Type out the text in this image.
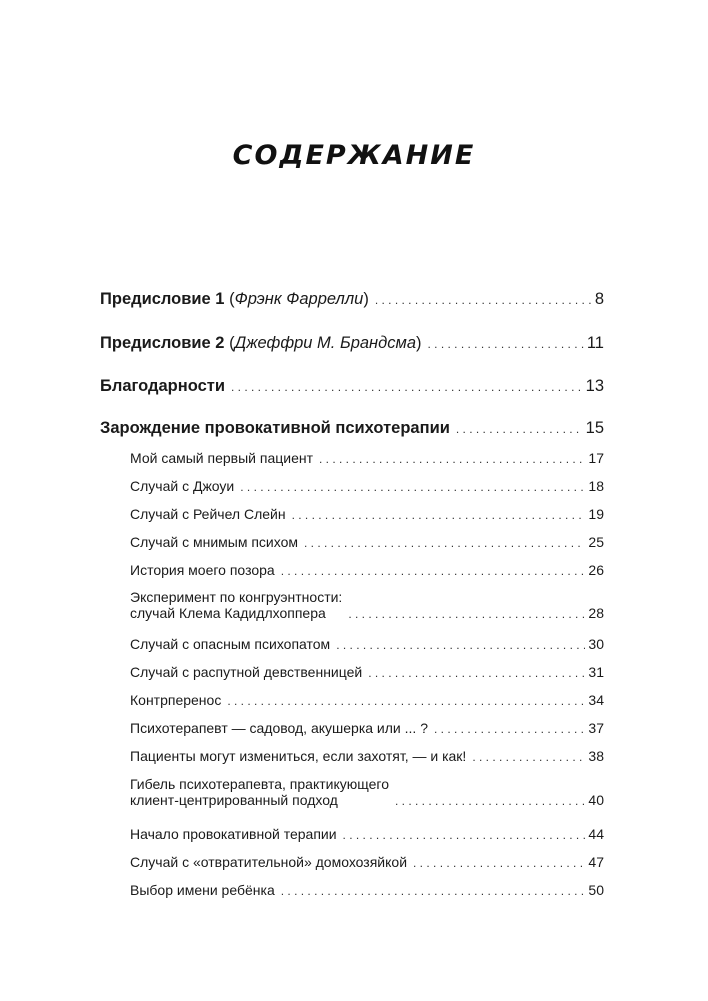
СОДЕРЖАНИЕ
Предисловие 1 (Фрэнк Фаррелли) . . .	8
Предисловие 2 (Джеффри М. Брандсма) . . .	11
Благодарности . . .	13
Зарождение провокативной психотерапии . . .	15
Мой самый первый пациент . . .	17
Случай с Джоуи . . .	18
Случай с Рейчел Слейн . . .	19
Случай с мнимым психом . . .	25
История моего позора . . .	26
Эксперимент по конгруэнтности:
случай Клема Кадидлхоппера . . .	28
Случай с опасным психопатом . . .	30
Случай с распутной девственницей . . .	31
Контрперенос . . .	34
Психотерапевт — садовод, акушерка или ... ? . . .	37
Пациенты могут измениться, если захотят, — и как! . . .	38
Гибель психотерапевта, практикующего
клиент-центрированный подход . . .	40
Начало провокативной терапии . . .	44
Случай с «отвратительной» домохозяйкой . . .	47
Выбор имени ребёнка . . .	50
